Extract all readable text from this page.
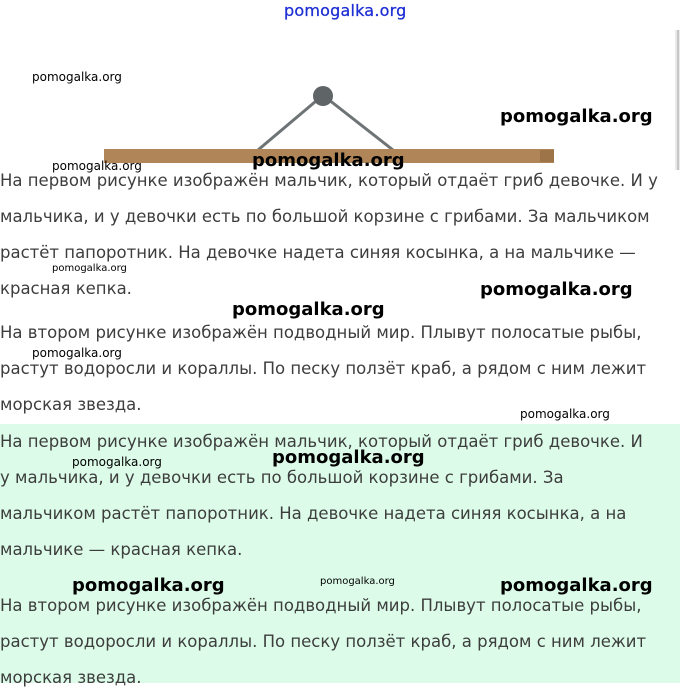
pomogalka.org
На первом рисунке изображён мальчик, который отдаёт гриб девочке. И у
мальчика, и у девочки есть по большой корзине с грибами. За мальчиком
растёт папоротник. На девочке надета синяя косынка, а на мальчике —
красная кепка.
На втором рисунке изображён подводный мир. Плывут полосатые рыбы,
растут водоросли и кораллы. По песку ползёт краб, а рядом с ним лежит
морская звезда.
На первом рисунке изображён мальчик, который отдаёт гриб девочке. И
у мальчика, и у девочки есть по большой корзине с грибами. За
мальчиком растёт папоротник. На девочке надета синяя косынка, а на
мальчике — красная кепка.
На втором рисунке изображён подводный мир. Плывут полосатые рыбы,
растут водоросли и кораллы. По песку ползёт краб, а рядом с ним лежит
морская звезда.
pomogalka.org
pomogalka.org
pomogalka.org	pomogalka.org
pomogalka.org
pomogalka.org
pomogalka.org
pomogalka.org
pomogalka.org
pomogalka.org	pomogalka.org
pomogalka.org	pomogalka.org	pomogalka.org
